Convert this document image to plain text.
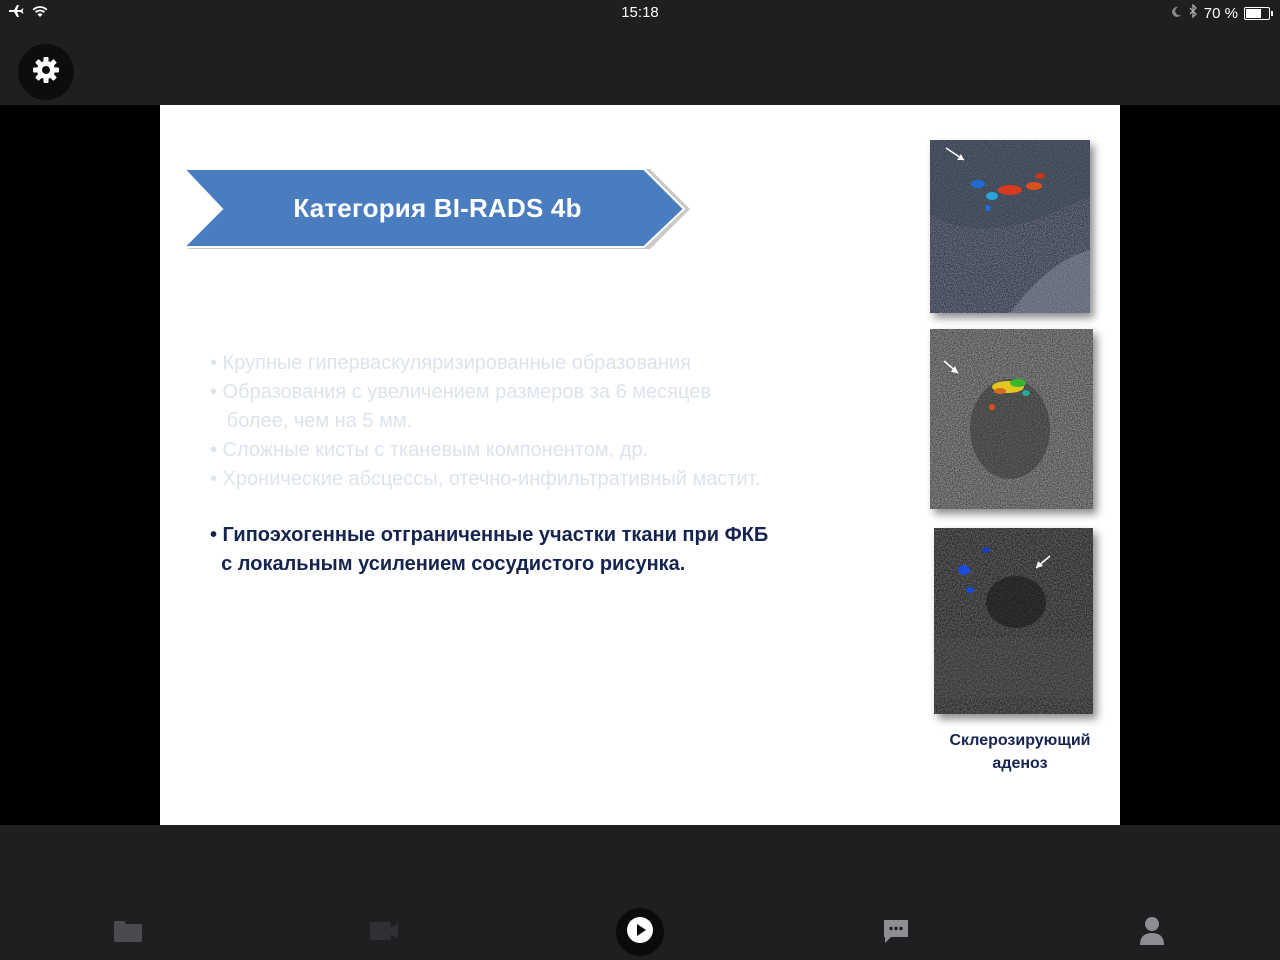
15:18	70 %
Категория BI-RADS 4b
• Крупные гиперваскуляризированные образования
• Образования с увеличением размеров за 6 месяцев
более, чем на 5 мм.
• Сложные кисты с тканевым компонентом, др.
• Хронические абсцессы, отечно-инфильтративный мастит.
• Гипоэхогенные отграниченные участки ткани при ФКБ
с локальным усилением сосудистого рисунка.
Склерозирующий
аденоз
